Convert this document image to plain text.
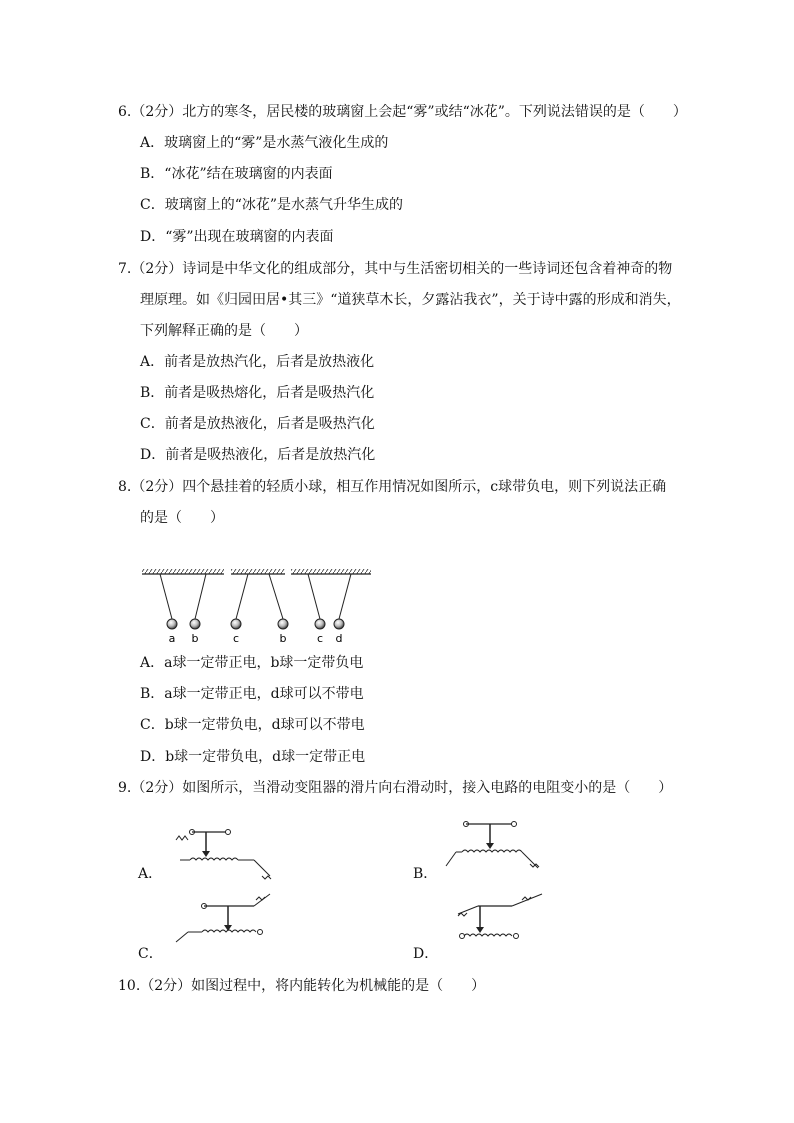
6.（2分）北方的寒冬，居民楼的玻璃窗上会起“雾”或结“冰花”。下列说法错误的是（　　）
A．玻璃窗上的“雾”是水蒸气液化生成的
B．“冰花”结在玻璃窗的内表面
C．玻璃窗上的“冰花”是水蒸气升华生成的
D．“雾”出现在玻璃窗的内表面
7.（2分）诗词是中华文化的组成部分，其中与生活密切相关的一些诗词还包含着神奇的物
理原理。如《归园田居•其三》“道狭草木长，夕露沾我衣”，关于诗中露的形成和消失，
下列解释正确的是（　　）
A．前者是放热汽化，后者是放热液化
B．前者是吸热熔化，后者是吸热汽化
C．前者是放热液化，后者是吸热汽化
D．前者是吸热液化，后者是放热汽化
8.（2分）四个悬挂着的轻质小球，相互作用情况如图所示，c球带负电，则下列说法正确
的是（　　）
a b	c	b	c d
A．a球一定带正电，b球一定带负电
B．a球一定带正电，d球可以不带电
C．b球一定带负电，d球可以不带电
D．b球一定带负电，d球一定带正电
9.（2分）如图所示，当滑动变阻器的滑片向右滑动时，接入电路的电阻变小的是（　　）
A．	B．
C．	D．
10.（2分）如图过程中，将内能转化为机械能的是（　　）
